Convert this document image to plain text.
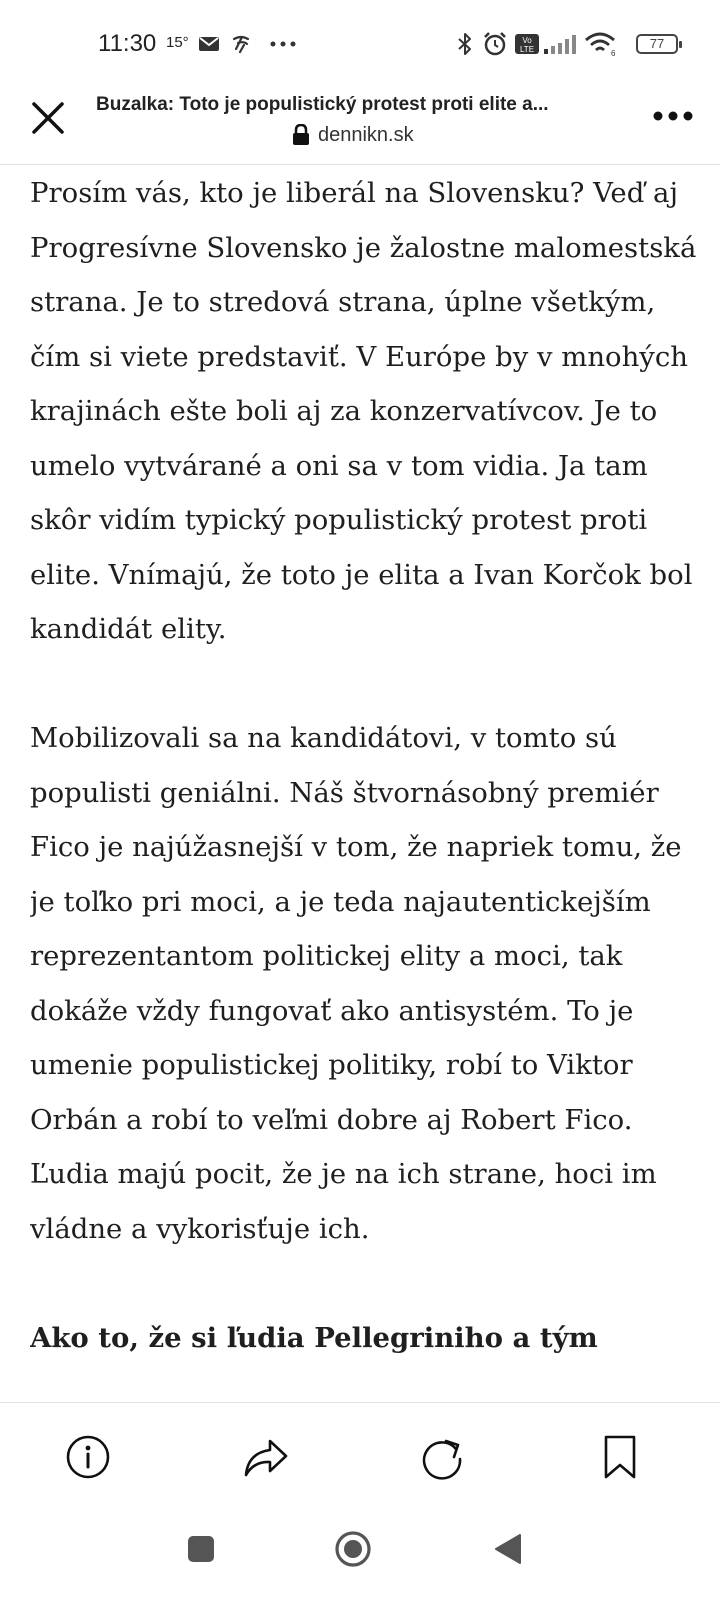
11:30 15°	Vo
LTE	6
77
Buzalka: Toto je populistický protest proti elite a...
dennikn.sk

Prosím vás, kto je liberál na Slovensku? Veď aj Progresívne Slovensko je žalostne malomestská strana. Je to stredová strana, úplne všetkým, čím si viete predstaviť. V Európe by v mnohých krajinách ešte boli aj za konzervatívcov. Je to umelo vytvárané a oni sa v tom vidia. Ja tam skôr vidím typický populistický protest proti elite. Vnímajú, že toto je elita a Ivan Korčok bol kandidát elity.

Mobilizovali sa na kandidátovi, v tomto sú populisti geniálni. Náš štvornásobný premiér Fico je najúžasnejší v tom, že napriek tomu, že je toľko pri moci, a je teda najautentickejším reprezentantom politickej elity a moci, tak dokáže vždy fungovať ako antisystém. To je umenie populistickej politiky, robí to Viktor Orbán a robí to veľmi dobre aj Robert Fico. Ľudia majú pocit, že je na ich strane, hoci im vládne a vykorisťuje ich.

Ako to, že si ľudia Pellegriniho a tým
